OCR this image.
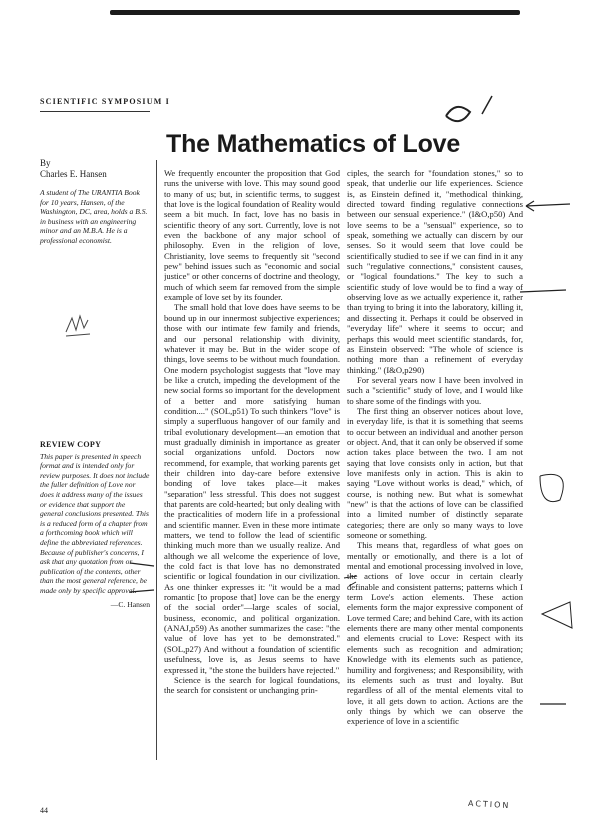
SCIENTIFIC SYMPOSIUM I
The Mathematics of Love
By
Charles E. Hansen
A student of The URANTIA Book for 10 years, Hansen, of the Washington, DC, area, holds a B.S. in business with an engineering minor and an M.B.A. He is a professional economist.
REVIEW COPY
This paper is presented in speech format and is intended only for review purposes. It does not include the fuller definition of Love nor does it address many of the issues or evidence that support the general conclusions presented. This is a reduced form of a chapter from a forthcoming book which will define the abbreviated references. Because of publisher's concerns, I ask that any quotation from or publication of the contents, other than the most general reference, be made only by specific approval.
—C. Hansen

We frequently encounter the proposition that God runs the universe with love. This may sound good to many of us; but, in scientific terms, to suggest that love is the logical foundation of Reality would seem a bit much. In fact, love has no basis in scientific theory of any sort. Currently, love is not even the backbone of any major school of philosophy. Even in the religion of love, Christianity, love seems to frequently sit "second pew" behind issues such as "economic and social justice" or other concerns of doctrine and theology, much of which seem far removed from the simple example of love set by its founder.

The small hold that love does have seems to be bound up in our innermost subjective experiences; those with our intimate few family and friends, and our personal relationship with divinity, whatever it may be. But in the wider scope of things, love seems to be without much foundation. One modern psychologist suggests that "love may be like a crutch, impeding the development of the new social forms so important for the development of a better and more satisfying human condition...." (SOL,p51) To such thinkers "love" is simply a superfluous hangover of our family and tribal evolutionary development—an emotion that must gradually diminish in importance as greater social organizations unfold. Doctors now recommend, for example, that working parents get their children into day-care before extensive bonding of love takes place—it makes "separation" less stressful. This does not suggest that parents are cold-hearted; but only dealing with the practicalities of modern life in a professional and scientific manner. Even in these more intimate matters, we tend to follow the lead of scientific thinking much more than we usually realize. And although we all welcome the experience of love, the cold fact is that love has no demonstrated scientific or logical foundation in our civilization. As one thinker expresses it: "it would be a mad romantic [to propose that] love can be the energy of the social order"—large scales of social, business, economic, and political organization. (ANAJ,p59) As another summarizes the case: "the value of love has yet to be demonstrated." (SOL,p27) And without a foundation of scientific usefulness, love is, as Jesus seems to have expressed it, "the stone the builders have rejected."

Science is the search for logical foundations, the search for consistent or unchanging prin-

ciples, the search for "foundation stones," so to speak, that underlie our life experiences. Science is, as Einstein defined it, "methodical thinking, directed toward finding regulative connections between our sensual experience." (I&O,p50) And love seems to be a "sensual" experience, so to speak, something we actually can discern by our senses. So it would seem that love could be scientifically studied to see if we can find in it any such "regulative connections," consistent causes, or "logical foundations." The key to such a scientific study of love would be to find a way of observing love as we actually experience it, rather than trying to bring it into the laboratory, killing it, and dissecting it. Perhaps it could be observed in "everyday life" where it seems to occur; and perhaps this would meet scientific standards, for, as Einstein observed: "The whole of science is nothing more than a refinement of everyday thinking." (I&O,p290)

For several years now I have been involved in such a "scientific" study of love, and I would like to share some of the findings with you.

The first thing an observer notices about love, in everyday life, is that it is something that seems to occur between an individual and another person or object. And, that it can only be observed if some action takes place between the two. I am not saying that love consists only in action, but that love manifests only in action. This is akin to saying "Love without works is dead," which, of course, is nothing new. But what is somewhat "new" is that the actions of love can be classified into a limited number of distinctly separate categories; there are only so many ways to love someone or something.

This means that, regardless of what goes on mentally or emotionally, and there is a lot of mental and emotional processing involved in love, the actions of love occur in certain clearly definable and consistent patterns; patterns which I term Love's action elements. These action elements form the major expressive component of Love termed Care; and behind Care, with its action elements there are many other mental components and elements crucial to Love: Respect with its elements such as recognition and admiration; Knowledge with its elements such as patience, humility and forgiveness; and Responsibility, with its elements such as trust and loyalty. But regardless of all of the mental elements vital to love, it all gets down to action. Actions are the only things by which we can observe the experience of love in a scientific

ACTION
44
